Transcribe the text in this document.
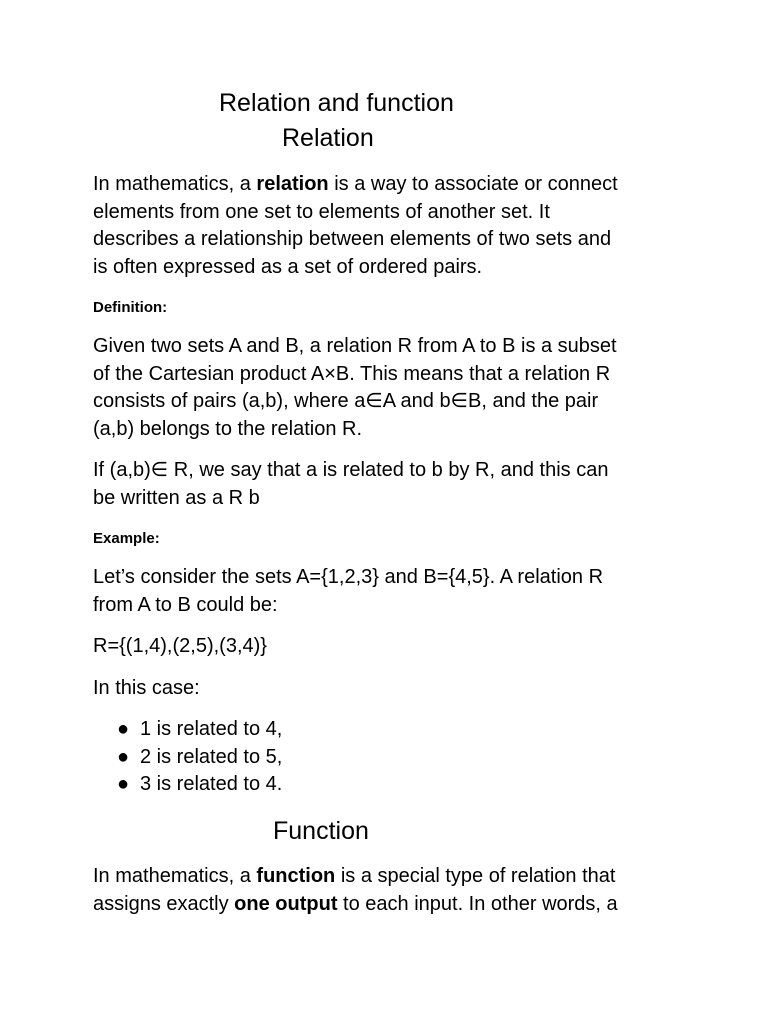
Relation and function
Relation
In mathematics, a relation is a way to associate or connect
elements from one set to elements of another set. It
describes a relationship between elements of two sets and
is often expressed as a set of ordered pairs.
Definition:
Given two sets A and B, a relation R from A to B is a subset
of the Cartesian product A×B. This means that a relation R
consists of pairs (a,b), where a∈A and b∈B, and the pair
(a,b) belongs to the relation R.
If (a,b)∈ R, we say that a is related to b by R, and this can
be written as a R b
Example:
Let’s consider the sets A={1,2,3} and B={4,5}. A relation R
from A to B could be:
R={(1,4),(2,5),(3,4)}
In this case:
● 1 is related to 4,
● 2 is related to 5,
● 3 is related to 4.
Function
In mathematics, a function is a special type of relation that
assigns exactly one output to each input. In other words, a
